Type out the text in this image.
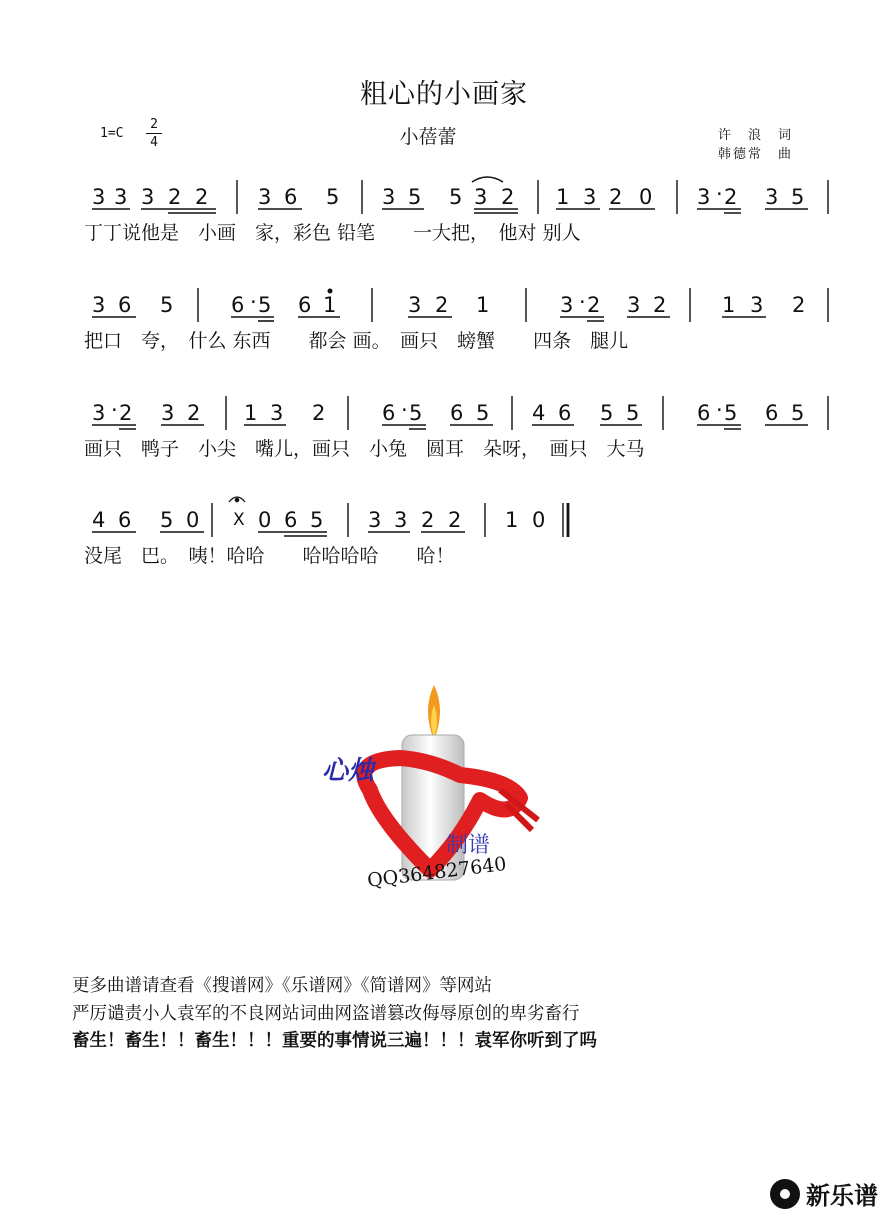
粗心的小画家
1=C
2
4	小蓓蕾	许　浪　词
韩德常　曲
3 3 3 2 2 3 6 5 3 5 5 3 2 1 3 2 0 3 · 2 3 5
3 6 5	6 · 5 6 1	3 2 1	3 · 2 3 2	1 3 2
3 · 2 3 2 1 3 2	6 · 5 6 5 4 6 5 5	6 · 5 6 5
4 6 5 0 X 0 6 5 3 3 2 2 1 0
丁丁说他是　小画　家，彩色 铅笔　　一大把，　他对 别人
把口　夸，　什么 东西　　都会 画。　画只　螃蟹　　四条　腿儿
画只　鸭子　小尖　嘴儿，画只　小兔　圆耳　朵呀，　画只　大马
没尾　巴。　咦！哈哈　　哈哈哈哈　　哈！
心烛
制谱
QQ364827640
更多曲谱请查看《搜谱网》《乐谱网》《简谱网》等网站
严厉谴责小人袁军的不良网站词曲网盗谱篡改侮辱原创的卑劣畜行
畜生！畜生！！畜生！！！重要的事情说三遍！！！袁军你听到了吗
新乐谱
